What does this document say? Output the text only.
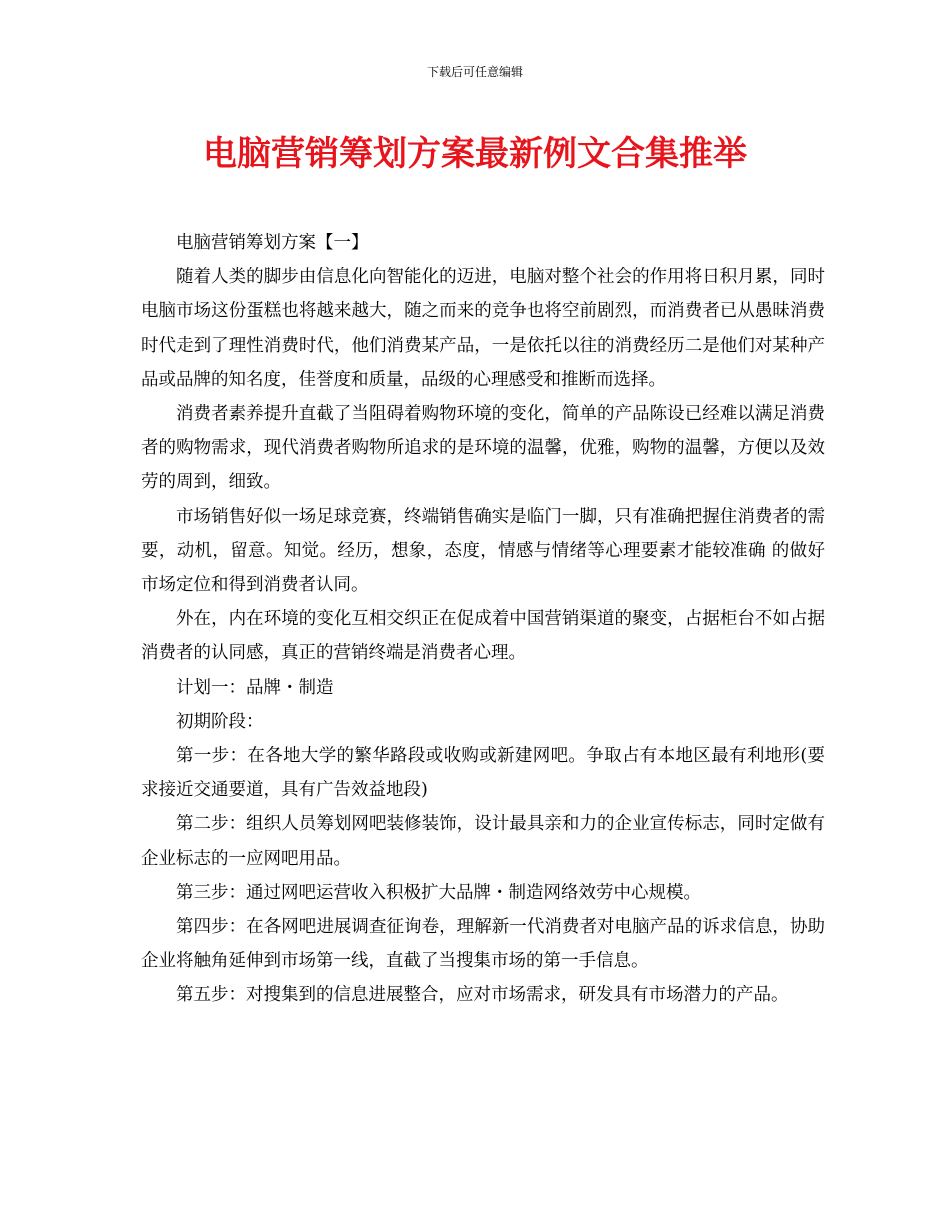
下载后可任意编辑
电脑营销筹划方案最新例文合集推举

电脑营销筹划方案【一】

随着人类的脚步由信息化向智能化的迈进，电脑对整个社会的作用将日积月累，同时电脑市场这份蛋糕也将越来越大，随之而来的竞争也将空前剧烈，而消费者已从愚昧消费时代走到了理性消费时代，他们消费某产品，一是依托以往的消费经历二是他们对某种产品或品牌的知名度，佳誉度和质量，品级的心理感受和推断而选择。

消费者素养提升直截了当阻碍着购物环境的变化，简单的产品陈设已经难以满足消费者的购物需求，现代消费者购物所追求的是环境的温馨，优雅，购物的温馨，方便以及效劳的周到，细致。

市场销售好似一场足球竞赛，终端销售确实是临门一脚，只有准确把握住消费者的需要，动机，留意。知觉。经历，想象，态度，情感与情绪等心理要素才能较准确 的做好市场定位和得到消费者认同。

外在，内在环境的变化互相交织正在促成着中国营销渠道的聚变，占据柜台不如占据消费者的认同感，真正的营销终端是消费者心理。

计划一：品牌・制造

初期阶段：

第一步：在各地大学的繁华路段或收购或新建网吧。争取占有本地区最有利地形(要求接近交通要道，具有广告效益地段)

第二步：组织人员筹划网吧装修装饰，设计最具亲和力的企业宣传标志，同时定做有企业标志的一应网吧用品。

第三步：通过网吧运营收入积极扩大品牌・制造网络效劳中心规模。

第四步：在各网吧进展调查征询卷，理解新一代消费者对电脑产品的诉求信息，协助企业将触角延伸到市场第一线，直截了当搜集市场的第一手信息。

第五步：对搜集到的信息进展整合，应对市场需求，研发具有市场潜力的产品。
